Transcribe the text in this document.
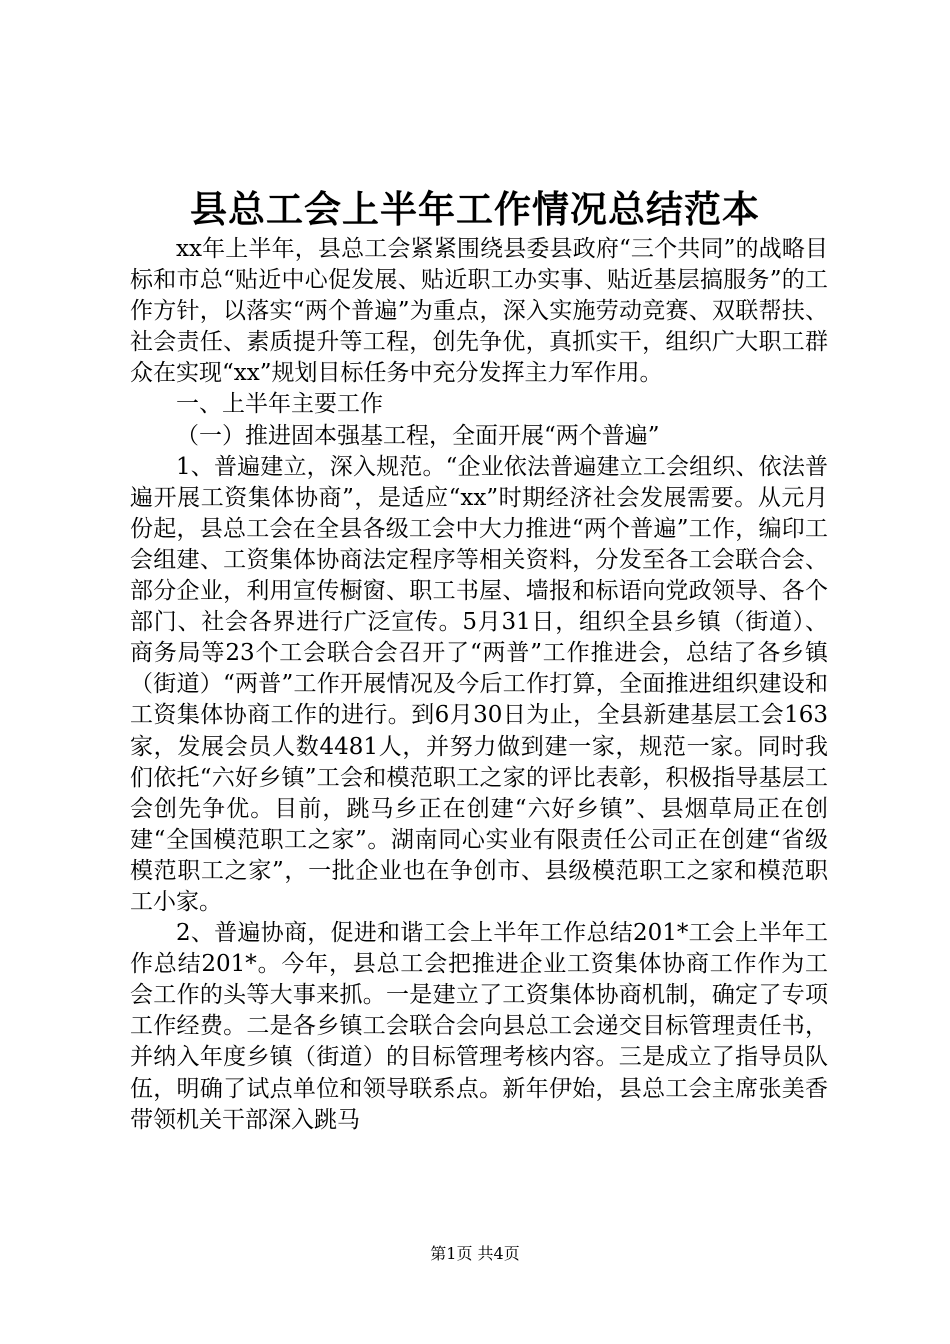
县总工会上半年工作情况总结范本

xx年上半年，县总工会紧紧围绕县委县政府“三个共同”的战略目标和市总“贴近中心促发展、贴近职工办实事、贴近基层搞服务”的工作方针，以落实“两个普遍”为重点，深入实施劳动竞赛、双联帮扶、社会责任、素质提升等工程，创先争优，真抓实干，组织广大职工群众在实现“xx”规划目标任务中充分发挥主力军作用。

一、上半年主要工作

（一）推进固本强基工程，全面开展“两个普遍”

1、普遍建立，深入规范。“企业依法普遍建立工会组织、依法普遍开展工资集体协商”，是适应“xx”时期经济社会发展需要。从元月份起，县总工会在全县各级工会中大力推进“两个普遍”工作，编印工会组建、工资集体协商法定程序等相关资料，分发至各工会联合会、部分企业，利用宣传橱窗、职工书屋、墙报和标语向党政领导、各个部门、社会各界进行广泛宣传。5月31日，组织全县乡镇（街道）、商务局等23个工会联合会召开了“两普”工作推进会，总结了各乡镇（街道）“两普”工作开展情况及今后工作打算，全面推进组织建设和工资集体协商工作的进行。到6月30日为止，全县新建基层工会163家，发展会员人数4481人，并努力做到建一家，规范一家。同时我们依托“六好乡镇”工会和模范职工之家的评比表彰，积极指导基层工会创先争优。目前，跳马乡正在创建“六好乡镇”、县烟草局正在创建“全国模范职工之家”。湖南同心实业有限责任公司正在创建“省级模范职工之家”，一批企业也在争创市、县级模范职工之家和模范职工小家。

2、普遍协商，促进和谐工会上半年工作总结201*工会上半年工作总结201*。今年，县总工会把推进企业工资集体协商工作作为工会工作的头等大事来抓。一是建立了工资集体协商机制，确定了专项工作经费。二是各乡镇工会联合会向县总工会递交目标管理责任书，并纳入年度乡镇（街道）的目标管理考核内容。三是成立了指导员队伍，明确了试点单位和领导联系点。新年伊始，县总工会主席张美香带领机关干部深入跳马

第1页 共4页
